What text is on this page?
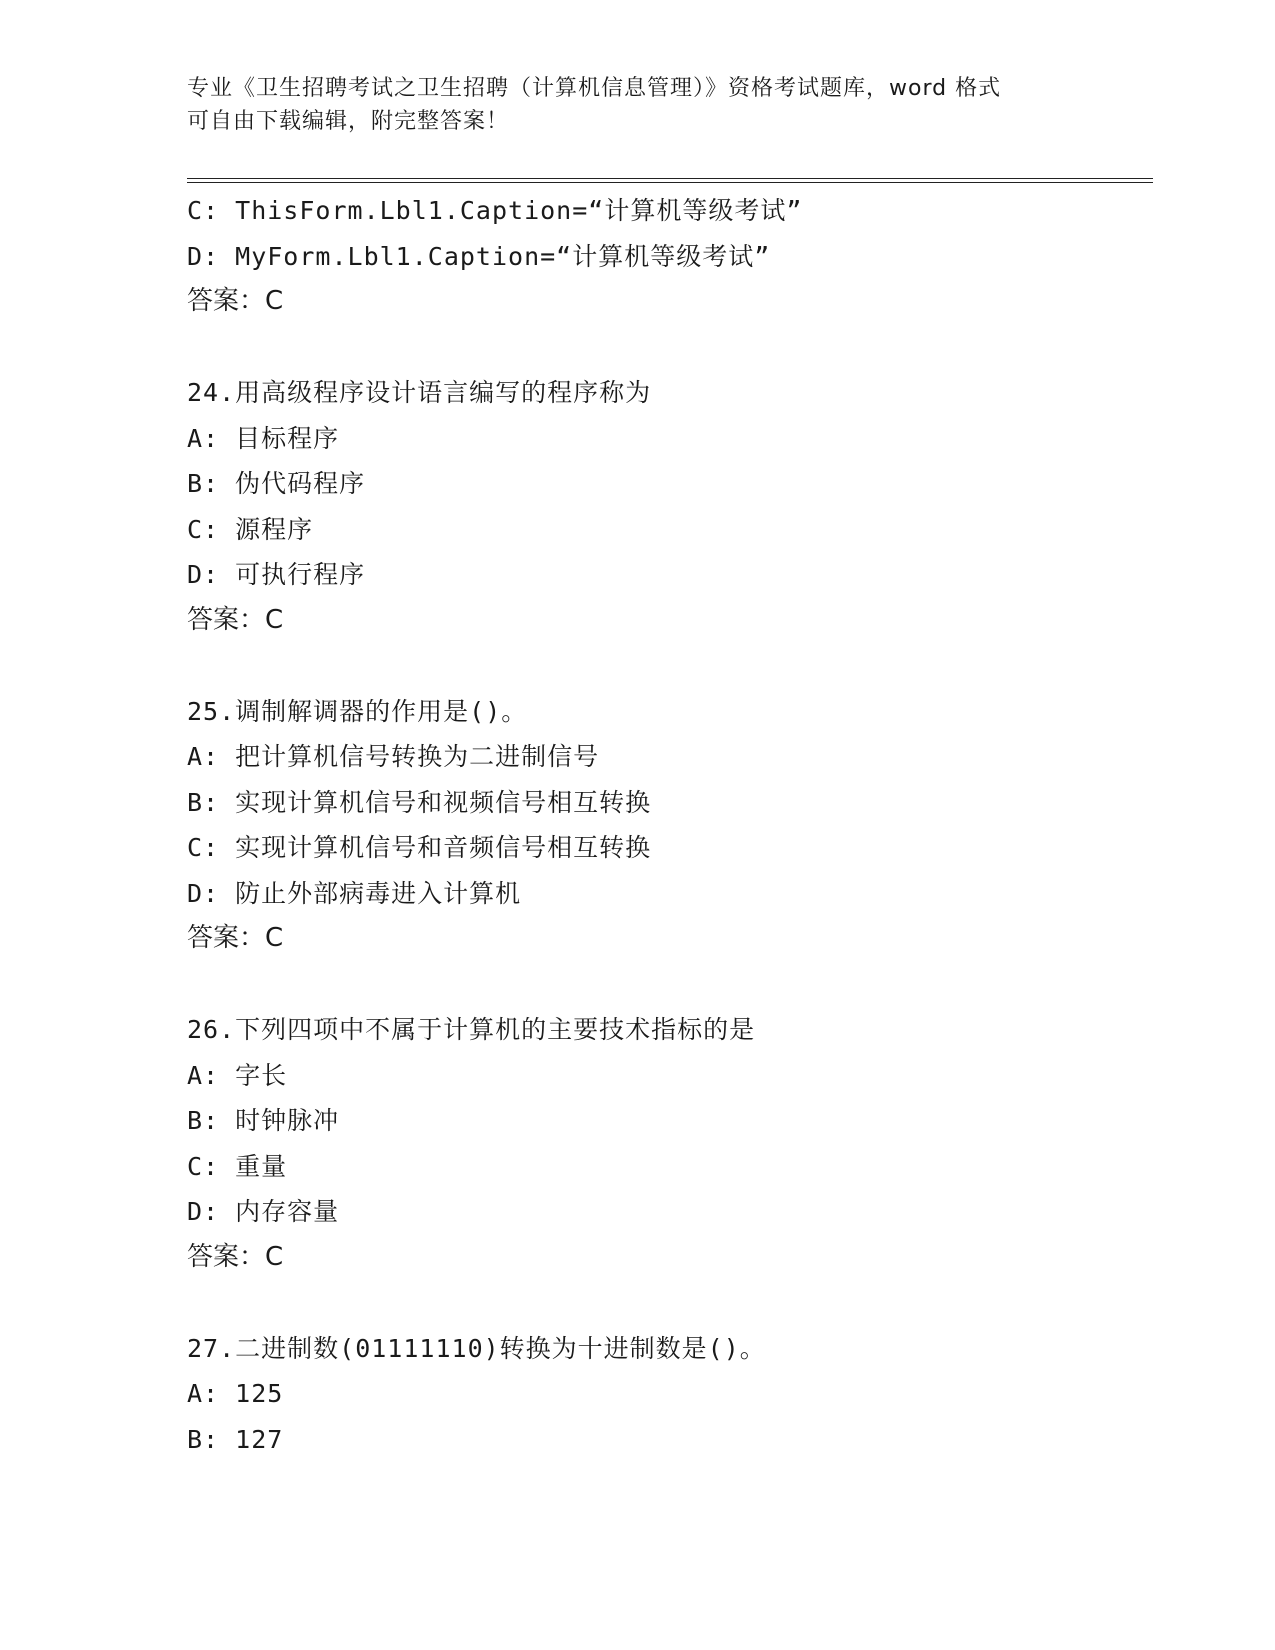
专业《卫生招聘考试之卫生招聘（计算机信息管理）》资格考试题库，word 格式
可自由下载编辑，附完整答案！
C: ThisForm.Lbl1.Caption=“计算机等级考试”
D: MyForm.Lbl1.Caption=“计算机等级考试”
答案：C
24.用高级程序设计语言编写的程序称为
A: 目标程序
B: 伪代码程序
C: 源程序
D: 可执行程序
答案：C
25.调制解调器的作用是()。
A: 把计算机信号转换为二进制信号
B: 实现计算机信号和视频信号相互转换
C: 实现计算机信号和音频信号相互转换
D: 防止外部病毒进入计算机
答案：C
26.下列四项中不属于计算机的主要技术指标的是
A: 字长
B: 时钟脉冲
C: 重量
D: 内存容量
答案：C
27.二进制数(01111110)转换为十进制数是()。
A: 125
B: 127
